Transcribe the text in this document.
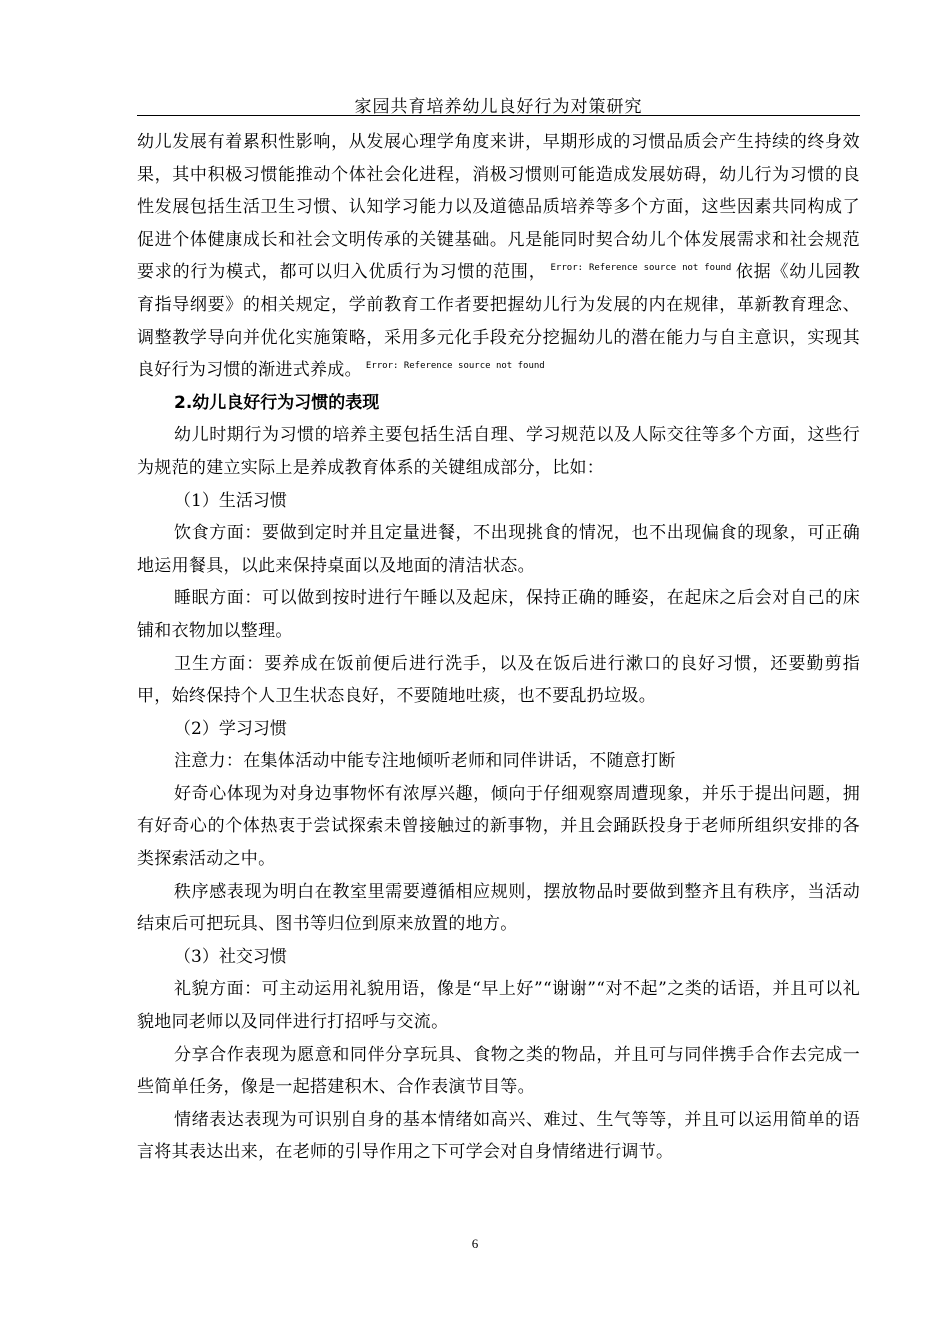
家园共育培养幼儿良好行为对策研究

幼儿发展有着累积性影响，从发展心理学角度来讲，早期形成的习惯品质会产生持续的终身效果，其中积极习惯能推动个体社会化进程，消极习惯则可能造成发展妨碍，幼儿行为习惯的良性发展包括生活卫生习惯、认知学习能力以及道德品质培养等多个方面，这些因素共同构成了促进个体健康成长和社会文明传承的关键基础。凡是能同时契合幼儿个体发展需求和社会规范要求的行为模式，都可以归入优质行为习惯的范围， $^{Error: Reference source not found}$ 依据《幼儿园教育指导纲要》的相关规定，学前教育工作者要把握幼儿行为发展的内在规律，革新教育理念、调整教学导向并优化实施策略，采用多元化手段充分挖掘幼儿的潜在能力与自主意识，实现其良好行为习惯的渐进式养成。 $^{Error: Reference source not found}$

2.幼儿良好行为习惯的表现

幼儿时期行为习惯的培养主要包括生活自理、学习规范以及人际交往等多个方面，这些行为规范的建立实际上是养成教育体系的关键组成部分，比如：

（1）生活习惯

饮食方面：要做到定时并且定量进餐，不出现挑食的情况，也不出现偏食的现象，可正确地运用餐具，以此来保持桌面以及地面的清洁状态。

睡眠方面：可以做到按时进行午睡以及起床，保持正确的睡姿，在起床之后会对自己的床铺和衣物加以整理。

卫生方面：要养成在饭前便后进行洗手，以及在饭后进行漱口的良好习惯，还要勤剪指甲，始终保持个人卫生状态良好，不要随地吐痰，也不要乱扔垃圾。

（2）学习习惯

注意力：在集体活动中能专注地倾听老师和同伴讲话，不随意打断

好奇心体现为对身边事物怀有浓厚兴趣，倾向于仔细观察周遭现象，并乐于提出问题，拥有好奇心的个体热衷于尝试探索未曾接触过的新事物，并且会踊跃投身于老师所组织安排的各类探索活动之中。

秩序感表现为明白在教室里需要遵循相应规则，摆放物品时要做到整齐且有秩序，当活动结束后可把玩具、图书等归位到原来放置的地方。

（3）社交习惯

礼貌方面：可主动运用礼貌用语，像是“早上好”“谢谢”“对不起”之类的话语，并且可以礼貌地同老师以及同伴进行打招呼与交流。

分享合作表现为愿意和同伴分享玩具、食物之类的物品，并且可与同伴携手合作去完成一些简单任务，像是一起搭建积木、合作表演节目等。

情绪表达表现为可识别自身的基本情绪如高兴、难过、生气等等，并且可以运用简单的语言将其表达出来，在老师的引导作用之下可学会对自身情绪进行调节。

6
